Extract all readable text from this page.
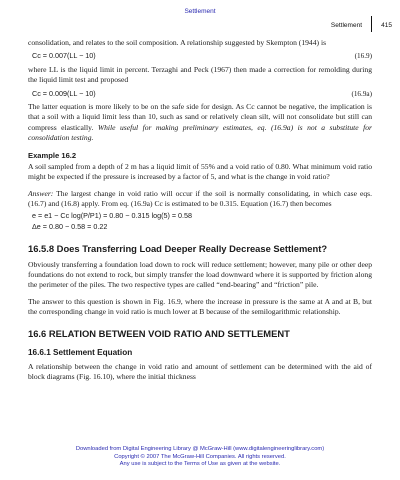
Settlement
Settlement	415

consolidation, and relates to the soil composition. A relationship suggested by Skempton (1944) is

Cc = 0.007(LL − 10)	(16.9)

where LL is the liquid limit in percent. Terzaghi and Peck (1967) then made a correction for remolding during the liquid limit test and proposed

Cc = 0.009(LL − 10)	(16.9a)

The latter equation is more likely to be on the safe side for design. As Cc cannot be negative, the implication is that a soil with a liquid limit less than 10, such as sand or relatively clean silt, will not consolidate but still can compress elastically. While useful for making preliminary estimates, eq. (16.9a) is not a substitute for consolidation testing.

Example 16.2

A soil sampled from a depth of 2 m has a liquid limit of 55% and a void ratio of 0.80. What minimum void ratio might be expected if the pressure is increased by a factor of 5, and what is the change in void ratio?

Answer: The largest change in void ratio will occur if the soil is normally consolidating, in which case eqs. (16.7) and (16.8) apply. From eq. (16.9a) Cc is estimated to be 0.315. Equation (16.7) then becomes

e = e1 − Cc log(P/P1) = 0.80 − 0.315 log(5) = 0.58
Δe = 0.80 − 0.58 = 0.22
16.5.8 Does Transferring Load Deeper Really Decrease Settlement?

Obviously transferring a foundation load down to rock will reduce settlement; however, many pile or other deep foundations do not extend to rock, but simply transfer the load downward where it is supported by friction along the perimeter of the piles. The two respective types are called “end-bearing” and “friction” pile.

The answer to this question is shown in Fig. 16.9, where the increase in pressure is the same at A and at B, but the corresponding change in void ratio is much lower at B because of the semilogarithmic relationship.

16.6 RELATION BETWEEN VOID RATIO AND SETTLEMENT
16.6.1 Settlement Equation

A relationship between the change in void ratio and amount of settlement can be determined with the aid of block diagrams (Fig. 16.10), where the initial thickness

Downloaded from Digital Engineering Library @ McGraw-Hill (www.digitalengineeringlibrary.com)
Copyright © 2007 The McGraw-Hill Companies. All rights reserved.
Any use is subject to the Terms of Use as given at the website.
